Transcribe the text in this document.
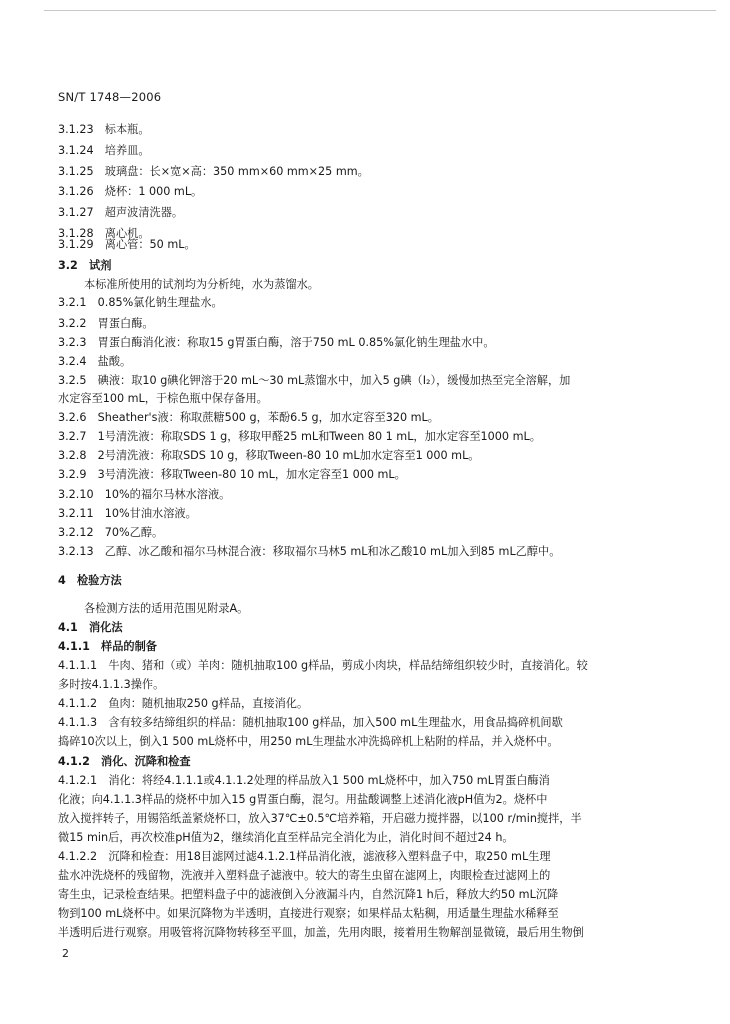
SN/T 1748—2006
3.1.23　标本瓶。
3.1.24　培养皿。
3.1.25　玻璃盘：长×宽×高：350 mm×60 mm×25 mm。
3.1.26　烧杯：1 000 mL。
3.1.27　超声波清洗器。
3.1.28　离心机。
3.1.29　离心管：50 mL。
3.2　试剂
本标准所使用的试剂均为分析纯，水为蒸馏水。
3.2.1　0.85%氯化钠生理盐水。
3.2.2　胃蛋白酶。
3.2.3　胃蛋白酶消化液：称取15 g胃蛋白酶，溶于750 mL 0.85%氯化钠生理盐水中。
3.2.4　盐酸。
3.2.5　碘液：取10 g碘化钾溶于20 mL～30 mL蒸馏水中，加入5 g碘（I₂），缓慢加热至完全溶解，加
水定容至100 mL，于棕色瓶中保存备用。
3.2.6　Sheather's液：称取蔗糖500 g，苯酚6.5 g，加水定容至320 mL。
3.2.7　1号清洗液：称取SDS 1 g，移取甲醛25 mL和Tween 80 1 mL，加水定容至1000 mL。
3.2.8　2号清洗液：称取SDS 10 g，移取Tween-80 10 mL加水定容至1 000 mL。
3.2.9　3号清洗液：移取Tween-80 10 mL，加水定容至1 000 mL。
3.2.10　10%的福尔马林水溶液。
3.2.11　10%甘油水溶液。
3.2.12　70%乙醇。
3.2.13　乙醇、冰乙酸和福尔马林混合液：移取福尔马林5 mL和冰乙酸10 mL加入到85 mL乙醇中。
4　检验方法
各检测方法的适用范围见附录A。
4.1　消化法
4.1.1　样品的制备
4.1.1.1　牛肉、猪和（或）羊肉：随机抽取100 g样品，剪成小肉块，样品结缔组织较少时，直接消化。较
多时按4.1.1.3操作。
4.1.1.2　鱼肉：随机抽取250 g样品，直接消化。
4.1.1.3　含有较多结缔组织的样品：随机抽取100 g样品，加入500 mL生理盐水，用食品捣碎机间歇
捣碎10次以上，倒入1 500 mL烧杯中，用250 mL生理盐水冲洗捣碎机上粘附的样品，并入烧杯中。
4.1.2　消化、沉降和检查
4.1.2.1　消化：将经4.1.1.1或4.1.1.2处理的样品放入1 500 mL烧杯中，加入750 mL胃蛋白酶消
化液；向4.1.1.3样品的烧杯中加入15 g胃蛋白酶，混匀。用盐酸调整上述消化液pH值为2。烧杯中
放入搅拌转子，用锡箔纸盖紧烧杯口，放入37℃±0.5℃培养箱，开启磁力搅拌器，以100 r/min搅拌，半
微15 min后，再次校准pH值为2，继续消化直至样品完全消化为止，消化时间不超过24 h。
4.1.2.2　沉降和检查：用18目滤网过滤4.1.2.1样品消化液，滤液移入塑料盘子中，取250 mL生理
盐水冲洗烧杯的残留物，洗液并入塑料盘子滤液中。较大的寄生虫留在滤网上，肉眼检查过滤网上的
寄生虫，记录检查结果。把塑料盘子中的滤液倒入分液漏斗内，自然沉降1 h后，释放大约50 mL沉降
物到100 mL烧杯中。如果沉降物为半透明，直接进行观察；如果样品太粘稠，用适量生理盐水稀释至
半透明后进行观察。用吸管将沉降物转移至平皿，加盖，先用肉眼，接着用生物解剖显微镜，最后用生物倒
2
